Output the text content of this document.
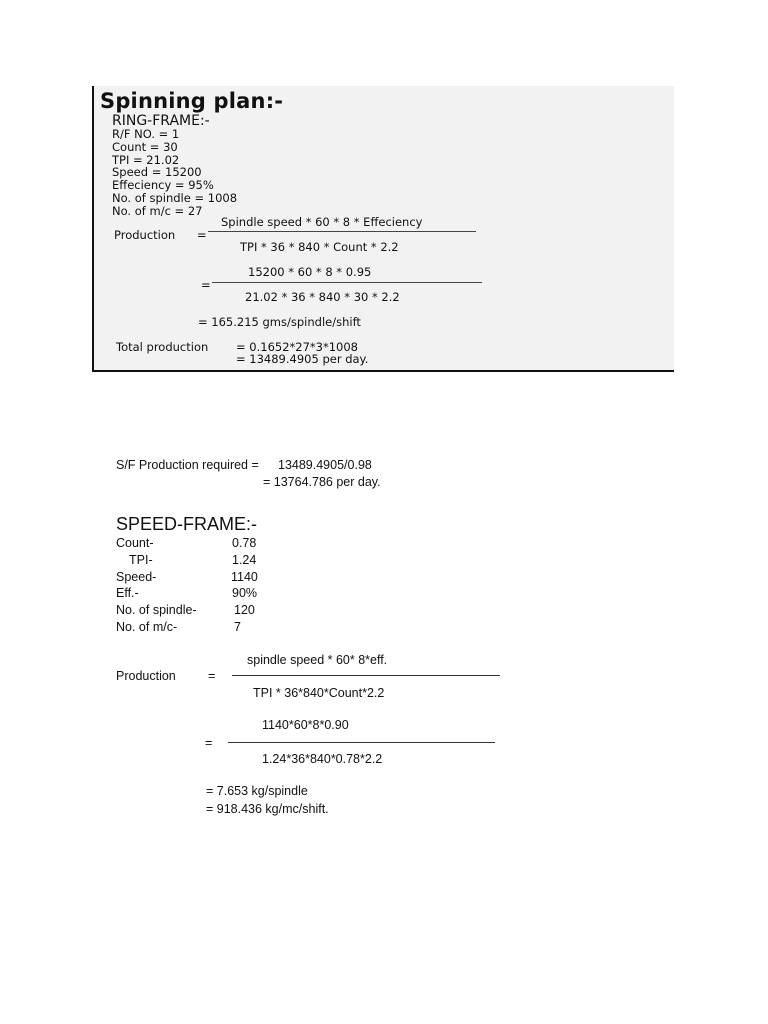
Spinning plan:-
RING-FRAME:-
R/F NO. = 1
Count = 30
TPI = 21.02
Speed = 15200
Effeciency = 95%
No. of spindle = 1008
No. of m/c = 27
Spindle speed * 60 * 8 * Effeciency
Production =
TPI * 36 * 840 * Count * 2.2
15200 * 60 * 8 * 0.95
=
21.02 * 36 * 840 * 30 * 2.2
= 165.215 gms/spindle/shift
Total production = 0.1652*27*3*1008
= 13489.4905 per day.
S/F Production required = 13489.4905/0.98
= 13764.786 per day.
SPEED-FRAME:-
Count-	0.78
TPI-	1.24
Speed-	1140
Eff.-	90%
No. of spindle-	120
No. of m/c-	7
spindle speed * 60* 8*eff.
Production	=
TPI * 36*840*Count*2.2
1140*60*8*0.90
=
1.24*36*840*0.78*2.2
= 7.653 kg/spindle
= 918.436 kg/mc/shift.
